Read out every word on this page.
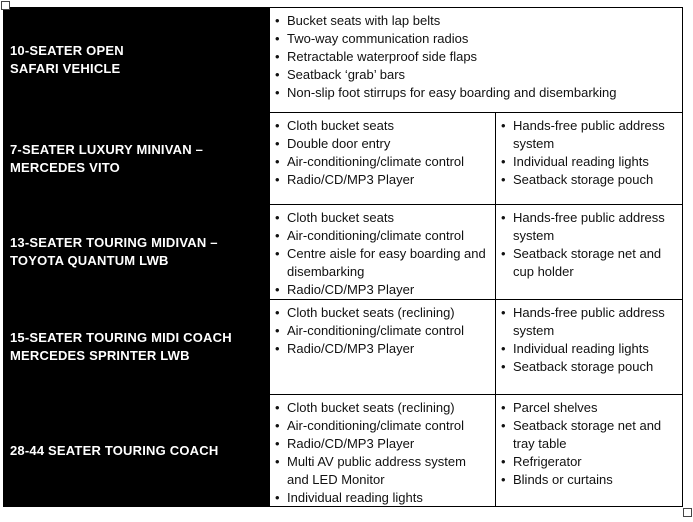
10-SEATER OPEN
SAFARI VEHICLE
• Bucket seats with lap belts
• Two-way communication radios
• Retractable waterproof side flaps
• Seatback ‘grab’ bars
• Non-slip foot stirrups for easy boarding and disembarking
7-SEATER LUXURY MINIVAN –
MERCEDES VITO
• Cloth bucket seats
• Double door entry
• Air-conditioning/climate control
• Radio/CD/MP3 Player
• Hands-free public address system
• Individual reading lights
• Seatback storage pouch
13-SEATER TOURING MIDIVAN –
TOYOTA QUANTUM LWB
• Cloth bucket seats
• Air-conditioning/climate control
• Centre aisle for easy boarding and disembarking
• Radio/CD/MP3 Player
• Hands-free public address system
• Seatback storage net and cup holder
15-SEATER TOURING MIDI COACH
MERCEDES SPRINTER LWB
• Cloth bucket seats (reclining)
• Air-conditioning/climate control
• Radio/CD/MP3 Player
• Hands-free public address system
• Individual reading lights
• Seatback storage pouch
28-44 SEATER TOURING COACH
• Cloth bucket seats (reclining)
• Air-conditioning/climate control
• Radio/CD/MP3 Player
• Multi AV public address system and LED Monitor
• Individual reading lights
• Parcel shelves
• Seatback storage net and tray table
• Refrigerator
• Blinds or curtains
